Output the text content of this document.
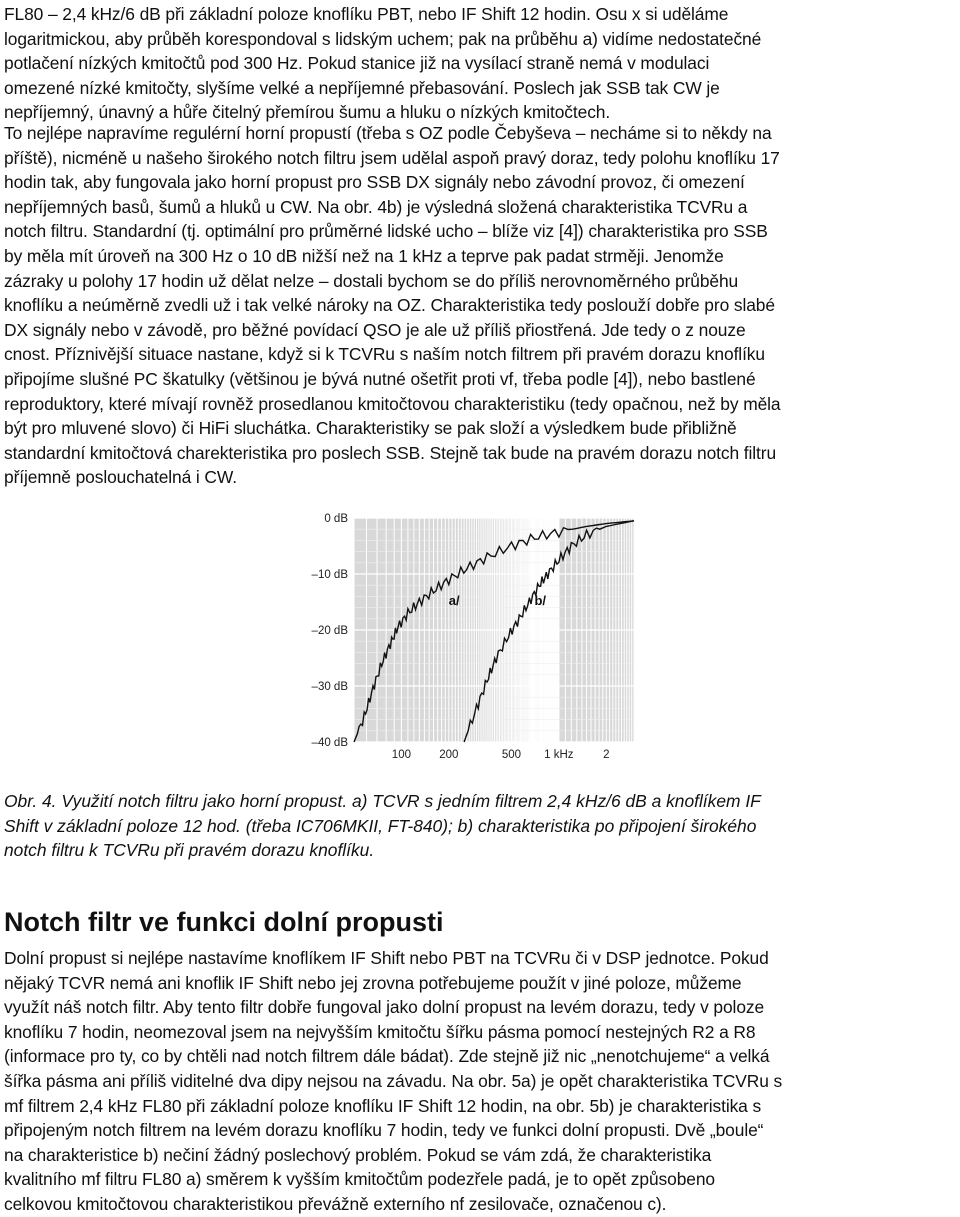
FL80 – 2,4 kHz/6 dB při základní poloze knoflíku PBT, nebo IF Shift 12 hodin. Osu x si uděláme
logaritmickou, aby průběh korespondoval s lidským uchem; pak na průběhu a) vidíme nedostatečné
potlačení nízkých kmitočtů pod 300 Hz. Pokud stanice již na vysílací straně nemá v modulaci
omezené nízké kmitočty, slyšíme velké a nepříjemné přebasování. Poslech jak SSB tak CW je
nepříjemný, únavný a hůře čitelný přemírou šumu a hluku o nízkých kmitočtech.
To nejlépe napravíme regulérní horní propustí (třeba s OZ podle Čebyševa – necháme si to někdy na
příště), nicméně u našeho širokého notch filtru jsem udělal aspoň pravý doraz, tedy polohu knoflíku 17
hodin tak, aby fungovala jako horní propust pro SSB DX signály nebo závodní provoz, či omezení
nepříjemných basů, šumů a hluků u CW. Na obr. 4b) je výsledná složená charakteristika TCVRu a
notch filtru. Standardní (tj. optimální pro průměrné lidské ucho – blíže viz [4]) charakteristika pro SSB
by měla mít úroveň na 300 Hz o 10 dB nižší než na 1 kHz a teprve pak padat strměji. Jenomže
zázraky u polohy 17 hodin už dělat nelze – dostali bychom se do příliš nerovnoměrného průběhu
knoflíku a neúměrně zvedli už i tak velké nároky na OZ. Charakteristika tedy poslouží dobře pro slabé
DX signály nebo v závodě, pro běžné povídací QSO je ale už příliš přiostřená. Jde tedy o z nouze
cnost. Příznivější situace nastane, když si k TCVRu s naším notch filtrem při pravém dorazu knoflíku
připojíme slušné PC škatulky (většinou je bývá nutné ošetřit proti vf, třeba podle [4]), nebo bastlené
reproduktory, které mívají rovněž prosedlanou kmitočtovou charakteristiku (tedy opačnou, než by měla
být pro mluvené slovo) či HiFi sluchátka. Charakteristiky se pak složí a výsledkem bude přibližně
standardní kmitočtová charekteristika pro poslech SSB. Stejně tak bude na pravém dorazu notch filtru
příjemně poslouchatelná i CW.
0 dB
–10 dB
–20 dB
–30 dB
–40 dB
100 200	500 1 kHz	2
a/	b/
Obr. 4. Využití notch filtru jako horní propust. a) TCVR s jedním filtrem 2,4 kHz/6 dB a knoflíkem IF
Shift v základní poloze 12 hod. (třeba IC706MKII, FT-840); b) charakteristika po připojení širokého
notch filtru k TCVRu při pravém dorazu knoflíku.
Notch filtr ve funkci dolní propusti
Dolní propust si nejlépe nastavíme knoflíkem IF Shift nebo PBT na TCVRu či v DSP jednotce. Pokud
nějaký TCVR nemá ani knoflik IF Shift nebo jej zrovna potřebujeme použít v jiné poloze, můžeme
využít náš notch filtr. Aby tento filtr dobře fungoval jako dolní propust na levém dorazu, tedy v poloze
knoflíku 7 hodin, neomezoval jsem na nejvyšším kmitočtu šířku pásma pomocí nestejných R2 a R8
(informace pro ty, co by chtěli nad notch filtrem dále bádat). Zde stejně již nic „nenotchujeme“ a velká
šířka pásma ani příliš viditelné dva dipy nejsou na závadu. Na obr. 5a) je opět charakteristika TCVRu s
mf filtrem 2,4 kHz FL80 při základní poloze knoflíku IF Shift 12 hodin, na obr. 5b) je charakteristika s
připojeným notch filtrem na levém dorazu knoflíku 7 hodin, tedy ve funkci dolní propusti. Dvě „boule“
na charakteristice b) nečiní žádný poslechový problém. Pokud se vám zdá, že charakteristika
kvalitního mf filtru FL80 a) směrem k vyšším kmitočtům podezřele padá, je to opět způsobeno
celkovou kmitočtovou charakteristikou převážně externího nf zesilovače, označenou c).
